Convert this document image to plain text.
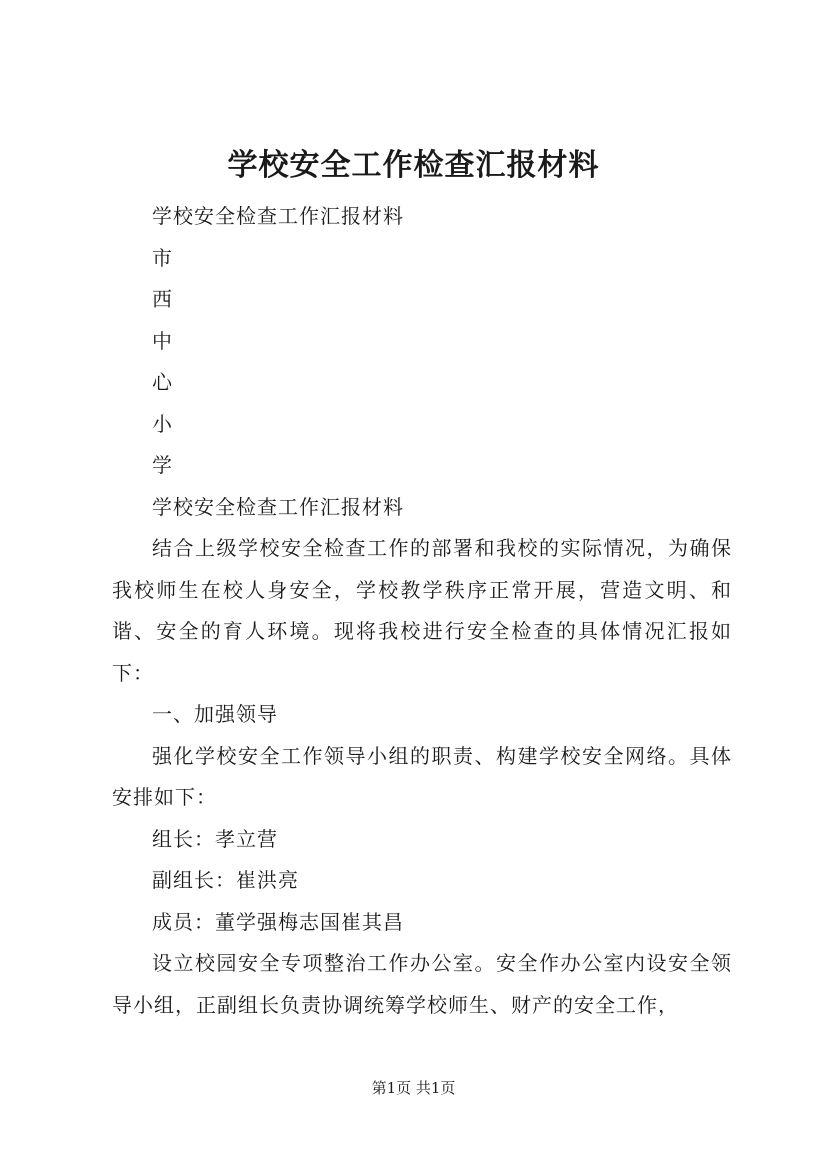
学校安全工作检查汇报材料

学校安全检查工作汇报材料

市

西

中

心

小

学

学校安全检查工作汇报材料

结合上级学校安全检查工作的部署和我校的实际情况，为确保我校师生在校人身安全，学校教学秩序正常开展，营造文明、和谐、安全的育人环境。现将我校进行安全检查的具体情况汇报如下：

一、加强领导

强化学校安全工作领导小组的职责、构建学校安全网络。具体安排如下：

组长：孝立营

副组长：崔洪亮

成员：董学强梅志国崔其昌

设立校园安全专项整治工作办公室。安全作办公室内设安全领导小组，正副组长负责协调统筹学校师生、财产的安全工作，

第1页 共1页
